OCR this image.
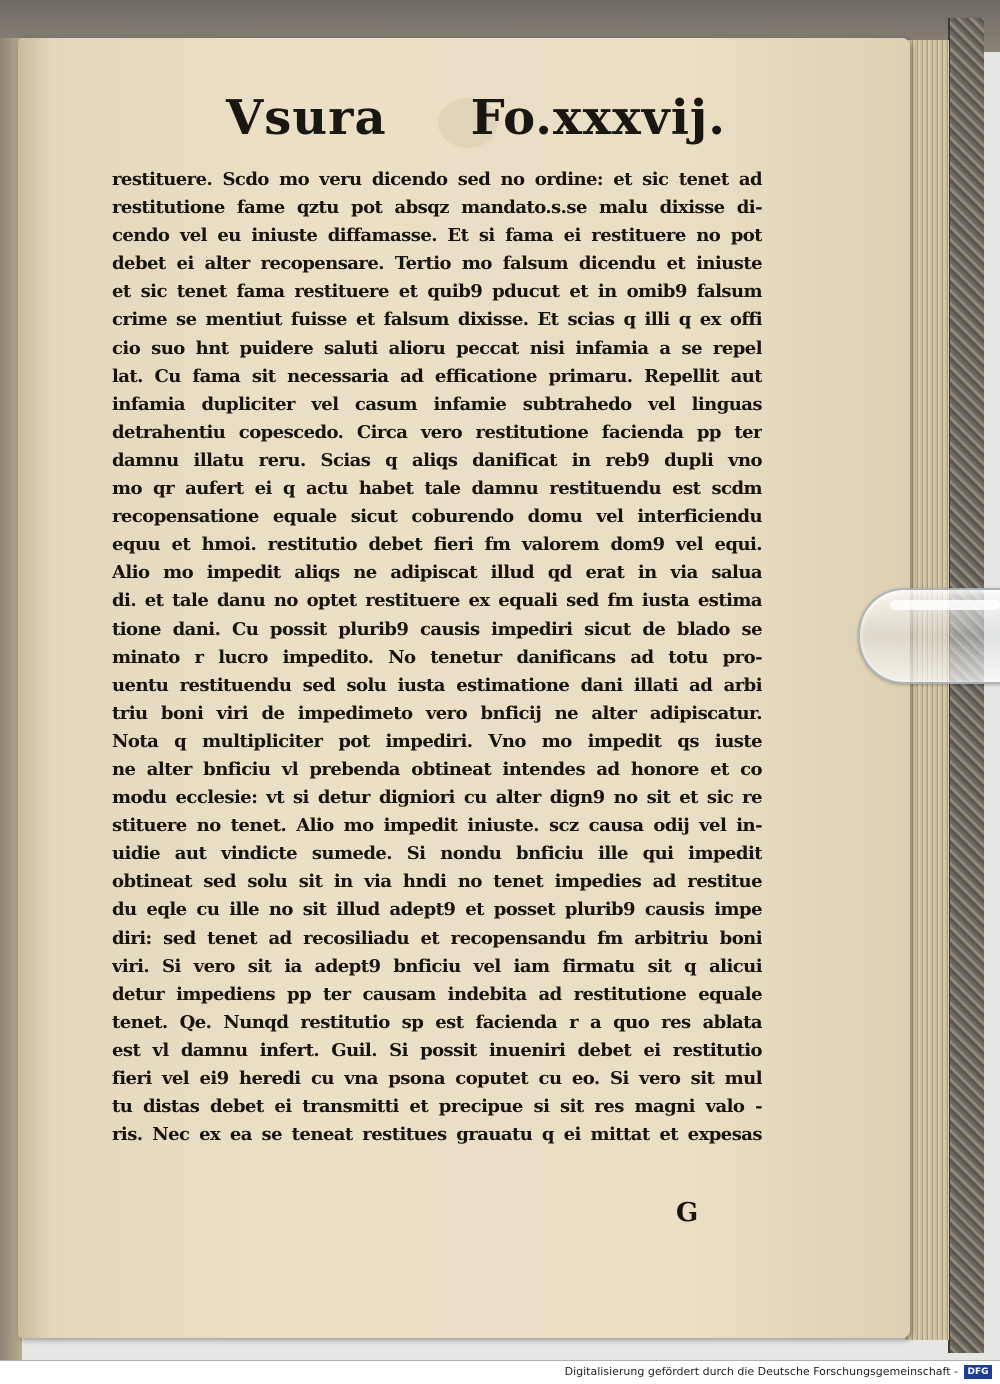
Vsura Fo.xxxvij.
restituere. Scdo mo veru dicendo sed no ordine: et sic tenet ad
restitutione fame qztu pot absqz mandato.s.se malu dixisse di-
cendo vel eu iniuste diffamasse. Et si fama ei restituere no pot
debet ei alter recopensare. Tertio mo falsum dicendu et iniuste
et sic tenet fama restituere et quib9 pducut et in omib9 falsum
crime se mentiut fuisse et falsum dixisse. Et scias q illi q ex offi
cio suo hnt puidere saluti alioru peccat nisi infamia a se repel
lat. Cu fama sit necessaria ad efficatione primaru. Repellit aut
infamia dupliciter vel casum infamie subtrahedo vel linguas
detrahentiu copescedo. Circa vero restitutione facienda pp ter
damnu illatu reru. Scias q aliqs danificat in reb9 dupli vno
mo qr aufert ei q actu habet tale damnu restituendu est scdm
recopensatione equale sicut coburendo domu vel interficiendu
equu et hmoi. restitutio debet fieri fm valorem dom9 vel equi.
Alio mo impedit aliqs ne adipiscat illud qd erat in via salua
di. et tale danu no optet restituere ex equali sed fm iusta estima
tione dani. Cu possit plurib9 causis impediri sicut de blado se
minato r lucro impedito. No tenetur danificans ad totu pro-
uentu restituendu sed solu iusta estimatione dani illati ad arbi
triu boni viri de impedimeto vero bnficij ne alter adipiscatur.
Nota q multipliciter pot impediri. Vno mo impedit qs iuste
ne alter bnficiu vl prebenda obtineat intendes ad honore et co
modu ecclesie: vt si detur digniori cu alter dign9 no sit et sic re
stituere no tenet. Alio mo impedit iniuste. scz causa odij vel in-
uidie aut vindicte sumede. Si nondu bnficiu ille qui impedit
obtineat sed solu sit in via hndi no tenet impedies ad restitue
du eqle cu ille no sit illud adept9 et posset plurib9 causis impe
diri: sed tenet ad recosiliadu et recopensandu fm arbitriu boni
viri. Si vero sit ia adept9 bnficiu vel iam firmatu sit q alicui
detur impediens pp ter causam indebita ad restitutione equale
tenet. Qe. Nunqd restitutio sp est facienda r a quo res ablata
est vl damnu infert. Guil. Si possit inueniri debet ei restitutio
fieri vel ei9 heredi cu vna psona coputet cu eo. Si vero sit mul
tu distas debet ei transmitti et precipue si sit res magni valo -
ris. Nec ex ea se teneat restitues grauatu q ei mittat et expesas
G
Digitalisierung gefördert durch die Deutsche Forschungsgemeinschaft -	DFG
